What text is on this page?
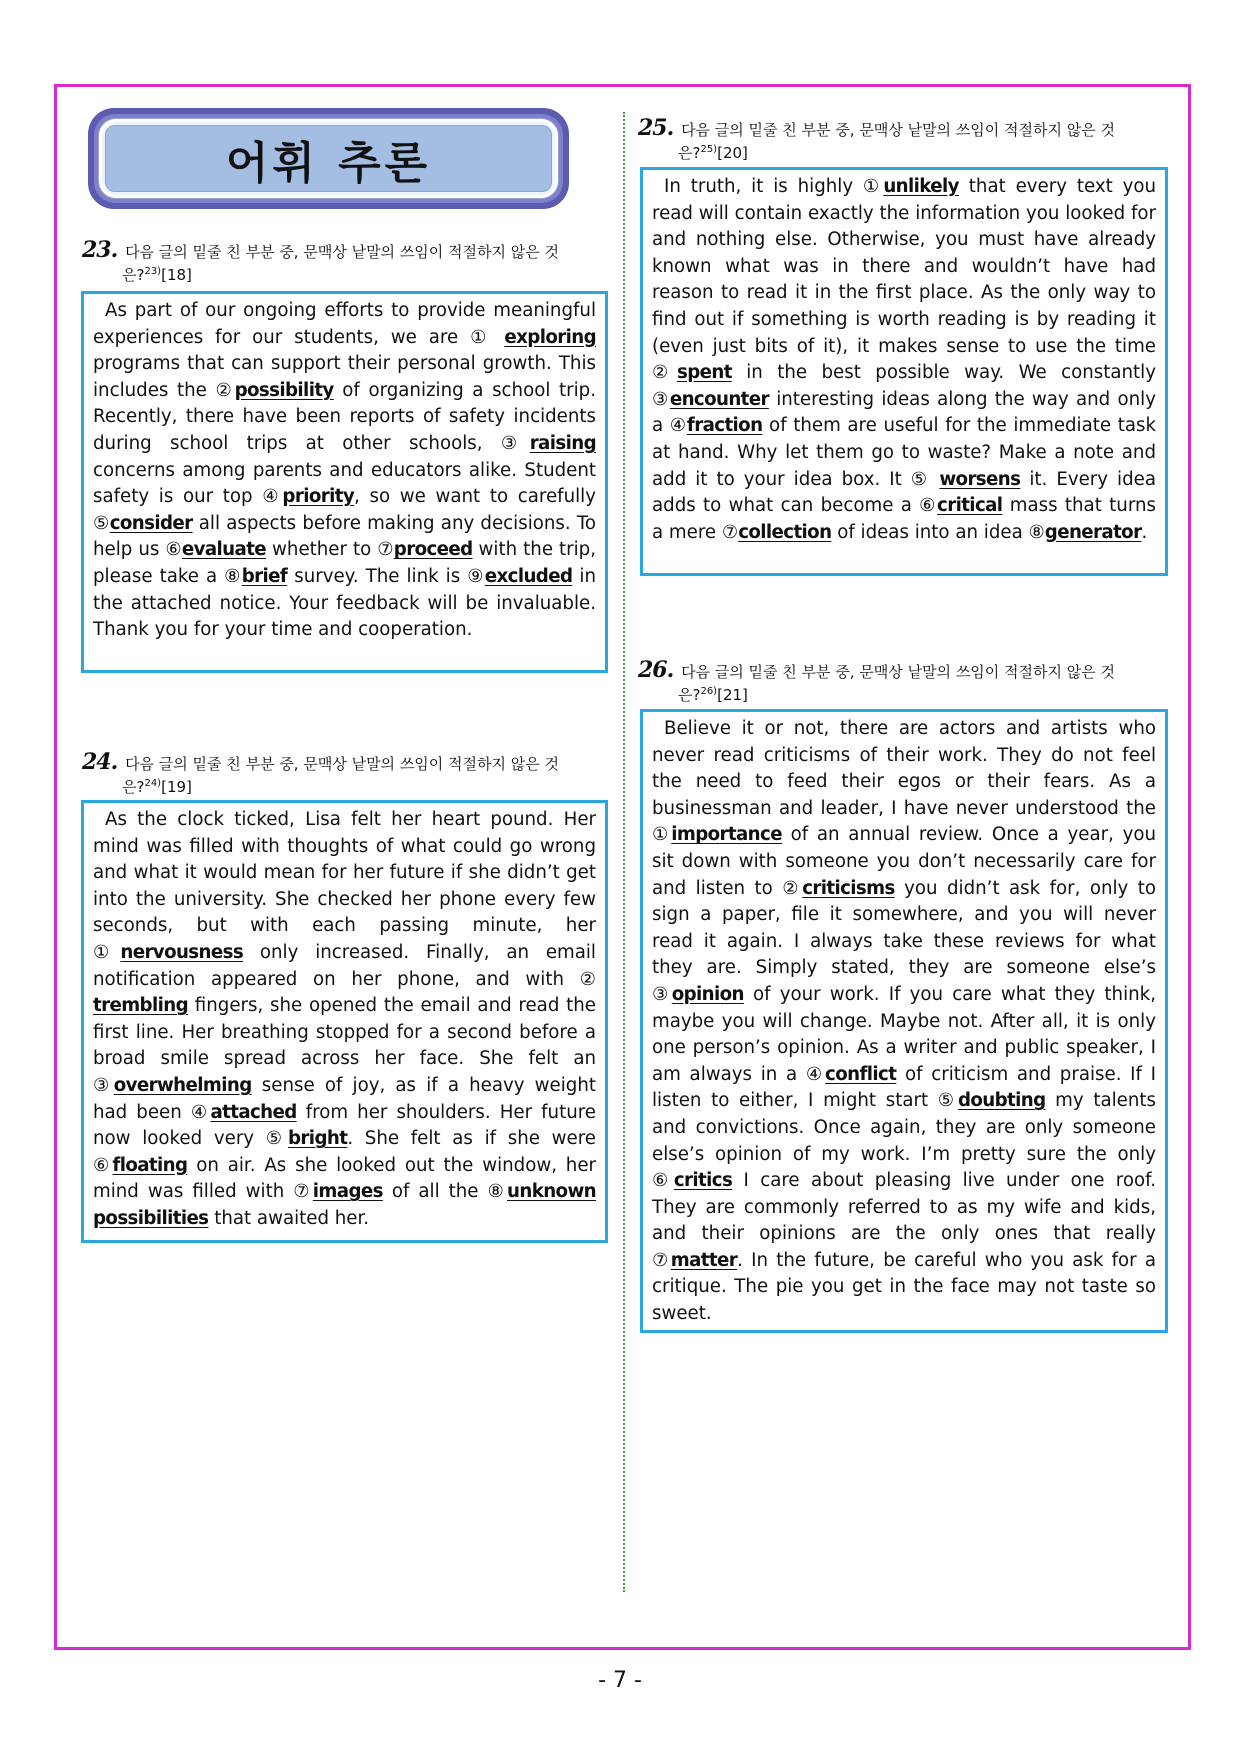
어휘 추론
23. 다음 글의 밑줄 친 부분 중, 문맥상 낱말의 쓰임이 적절하지 않은 것
은?$^{23)}$[18]

As part of our ongoing efforts to provide meaningful experiences for our students, we are ① exploring programs that can support their personal growth. This includes the ②possibility of organizing a school trip. Recently, there have been reports of safety incidents during school trips at other schools, ③raising concerns among parents and educators alike. Student safety is our top ④priority, so we want to carefully ⑤consider all aspects before making any decisions. To help us ⑥evaluate whether to ⑦proceed with the trip, please take a ⑧brief survey. The link is ⑨excluded in the attached notice. Your feedback will be invaluable. Thank you for your time and cooperation.

24. 다음 글의 밑줄 친 부분 중, 문맥상 낱말의 쓰임이 적절하지 않은 것
은?$^{24)}$[19]

As the clock ticked, Lisa felt her heart pound. Her mind was filled with thoughts of what could go wrong and what it would mean for her future if she didn’t get into the university. She checked her phone every few seconds, but with each passing minute, her ①nervousness only increased. Finally, an email notification appeared on her phone, and with ② trembling fingers, she opened the email and read the first line. Her breathing stopped for a second before a broad smile spread across her face. She felt an ③overwhelming sense of joy, as if a heavy weight had been ④attached from her shoulders. Her future now looked very ⑤bright. She felt as if she were ⑥floating on air. As she looked out the window, her mind was filled with ⑦images of all the ⑧unknown possibilities that awaited her.

25. 다음 글의 밑줄 친 부분 중, 문맥상 낱말의 쓰임이 적절하지 않은 것
은?$^{25)}$[20]

In truth, it is highly ①unlikely that every text you read will contain exactly the information you looked for and nothing else. Otherwise, you must have already known what was in there and wouldn’t have had reason to read it in the first place. As the only way to find out if something is worth reading is by reading it (even just bits of it), it makes sense to use the time ②spent in the best possible way. We constantly ③encounter interesting ideas along the way and only a ④fraction of them are useful for the immediate task at hand. Why let them go to waste? Make a note and add it to your idea box. It ⑤ worsens it. Every idea adds to what can become a ⑥critical mass that turns a mere ⑦collection of ideas into an idea ⑧generator.

26. 다음 글의 밑줄 친 부분 중, 문맥상 낱말의 쓰임이 적절하지 않은 것
은?$^{26)}$[21]

Believe it or not, there are actors and artists who never read criticisms of their work. They do not feel the need to feed their egos or their fears. As a businessman and leader, I have never understood the ①importance of an annual review. Once a year, you sit down with someone you don’t necessarily care for and listen to ②criticisms you didn’t ask for, only to sign a paper, file it somewhere, and you will never read it again. I always take these reviews for what they are. Simply stated, they are someone else’s ③opinion of your work. If you care what they think, maybe you will change. Maybe not. After all, it is only one person’s opinion. As a writer and public speaker, I am always in a ④conflict of criticism and praise. If I listen to either, I might start ⑤doubting my talents and convictions. Once again, they are only someone else’s opinion of my work. I’m pretty sure the only ⑥critics I care about pleasing live under one roof. They are commonly referred to as my wife and kids, and their opinions are the only ones that really ⑦matter. In the future, be careful who you ask for a critique. The pie you get in the face may not taste so sweet.

- 7 -
